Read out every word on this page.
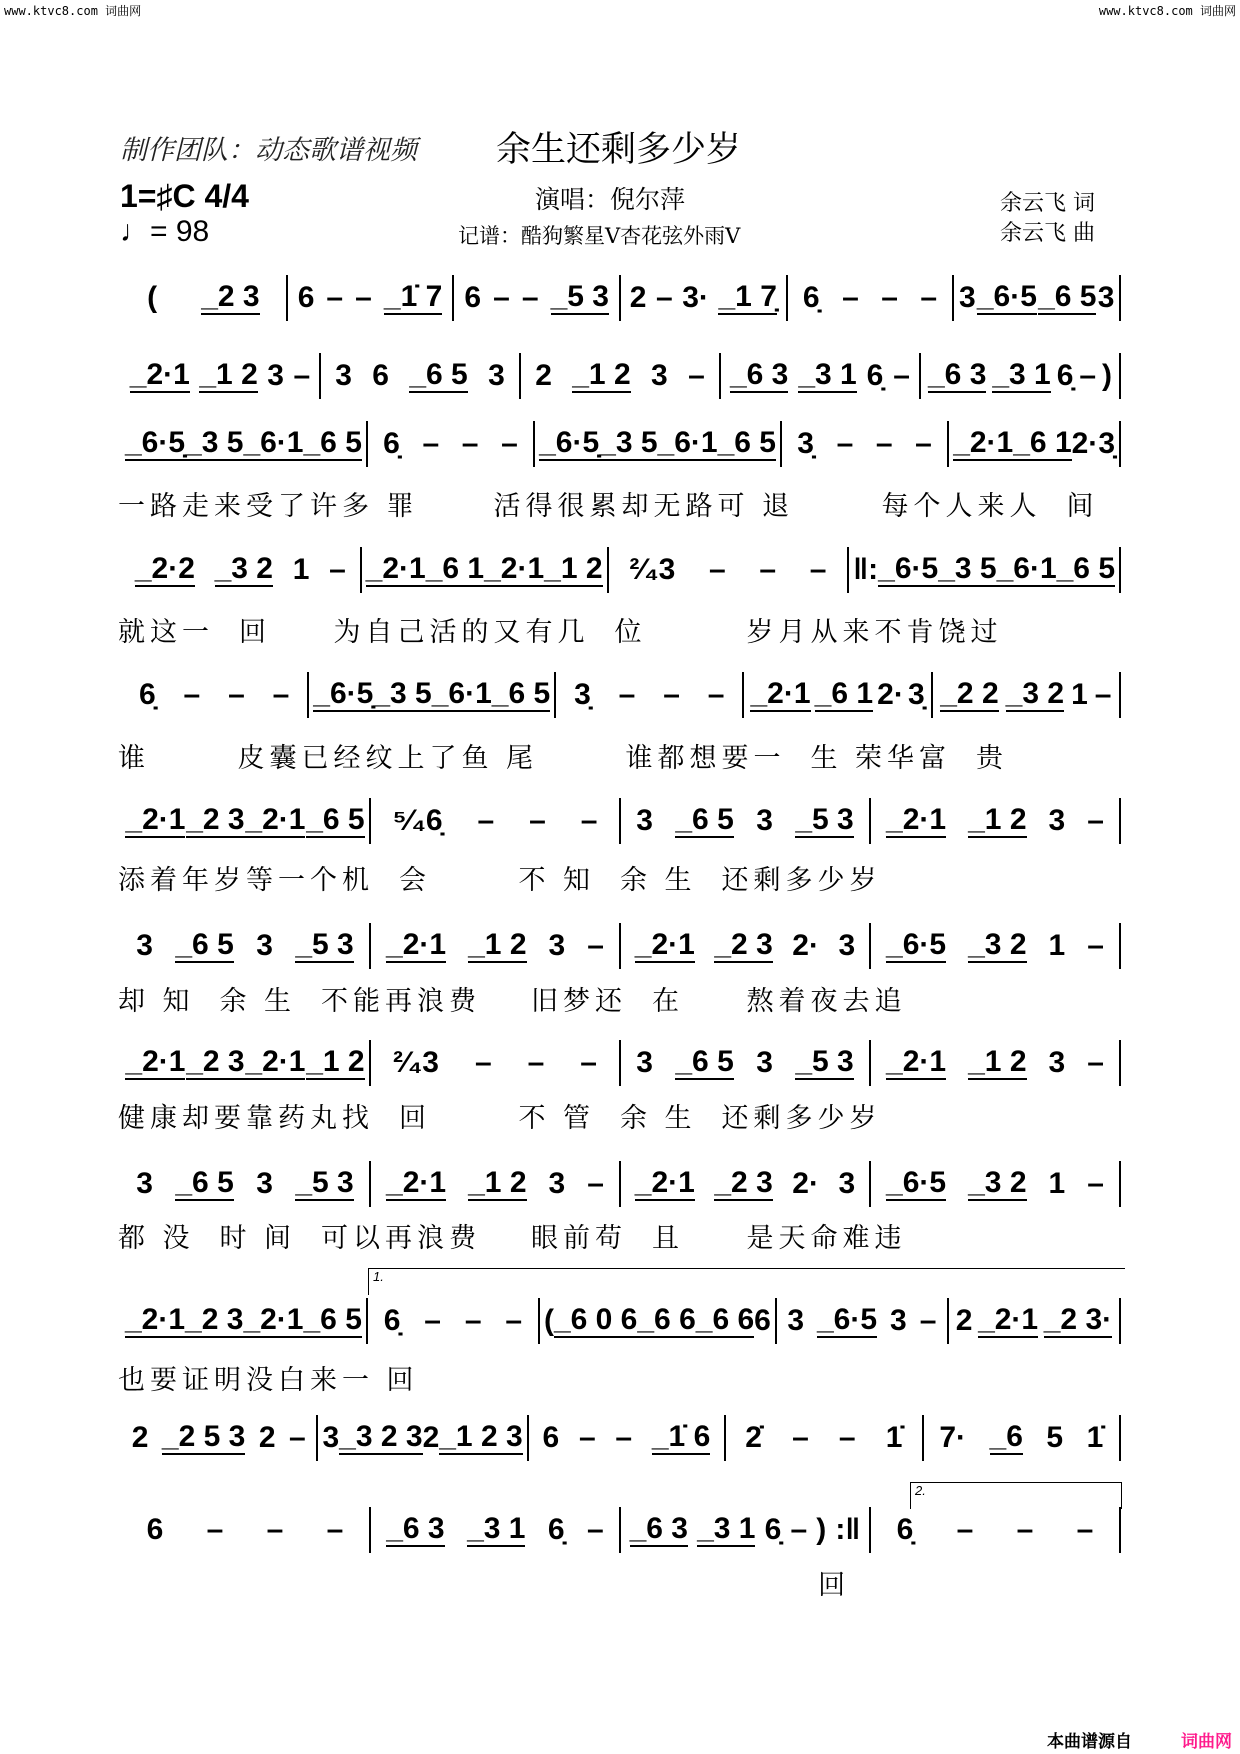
www.ktvc8.com 词曲网	www.ktvc8.com 词曲网
制作团队：动态歌谱视频 余生还剩多少岁
1=♯C 4/4
♩= 98
演唱：倪尔萍
记谱：酷狗繁星V杏花弦外雨V
余云飞 词
余云飞 曲
( _2 3 6 – – _1̇ 7 6 – – _5 3 2 – 3· _1 7̣ 6̣ – – – 3 _6·5 _6 5 3
_2·1 _1 2 3 – 3 6 _6 5 3 2 _1 2 3 – _6 3 _3 1 6̣ – _6 3 _3 1 6̣ – )
_6·5̣ _3 5 _6·1 _6 5 6̣ – – – _6·5̣ _3 5 _6·1 _6 5 3̣ – – – _2·1 _6 1 2· 3̣
一路走来受了许多 罪      活得很累却无路可 退       每个人来人  间
_2·2 _3 2 1 – _2·1 _6 1 _2·1 _1 2 ²⁄₄3 – – – ‖: _6·5 _3 5 _6·1 _6 5
就这一  回     为自己活的又有几  位        岁月从来不肯饶过
6̣ – – – _6·5̣ _3 5 _6·1 _6 5 3̣ – – – _2·1 _6 1 2· 3̣ _2 2 _3 2 1 –
谁       皮囊已经纹上了鱼 尾       谁都想要一  生 荣华富  贵
_2·1 _2 3 _2·1 _6 5 ⁵⁄₄6̣ – – – 3 _6 5 3 _5 3 _2·1 _1 2 3 –
添着年岁等一个机  会       不 知  余 生  还剩多少岁
3 _6 5 3 _5 3 _2·1 _1 2 3 – _2·1 _2 3 2· 3 _6·5 _3 2 1 –
却 知  余 生  不能再浪费    旧梦还  在     熬着夜去追
_2·1 _2 3 _2·1 _1 2 ²⁄₄3 – – – 3 _6 5 3 _5 3 _2·1 _1 2 3 –
健康却要靠药丸找  回       不 管  余 生  还剩多少岁
3 _6 5 3 _5 3 _2·1 _1 2 3 – _2·1 _2 3 2· 3 _6·5 _3 2 1 –
都 没  时 间  可以再浪费    眼前苟  且     是天命难违
_2·1 _2 3 _2·1 _6 5 6̣ – – – ( _6 0 6 _6 6 _6 6 6 3 _6·5 3 – 2 _2·1 _2 3·
也要证明没白来一 回
2 _2 5 3 2 – 3 _3 2 3 2 _1 2 3 6 – – _1̇ 6 2̇ – – 1̇ 7· _6 5 1̇
6 – – – _6 3 _3 1 6̣ – _6 3 _3 1 6̣ – ) :‖ 6̣ – – –
回
1.
2.
本曲谱源自	词曲网
